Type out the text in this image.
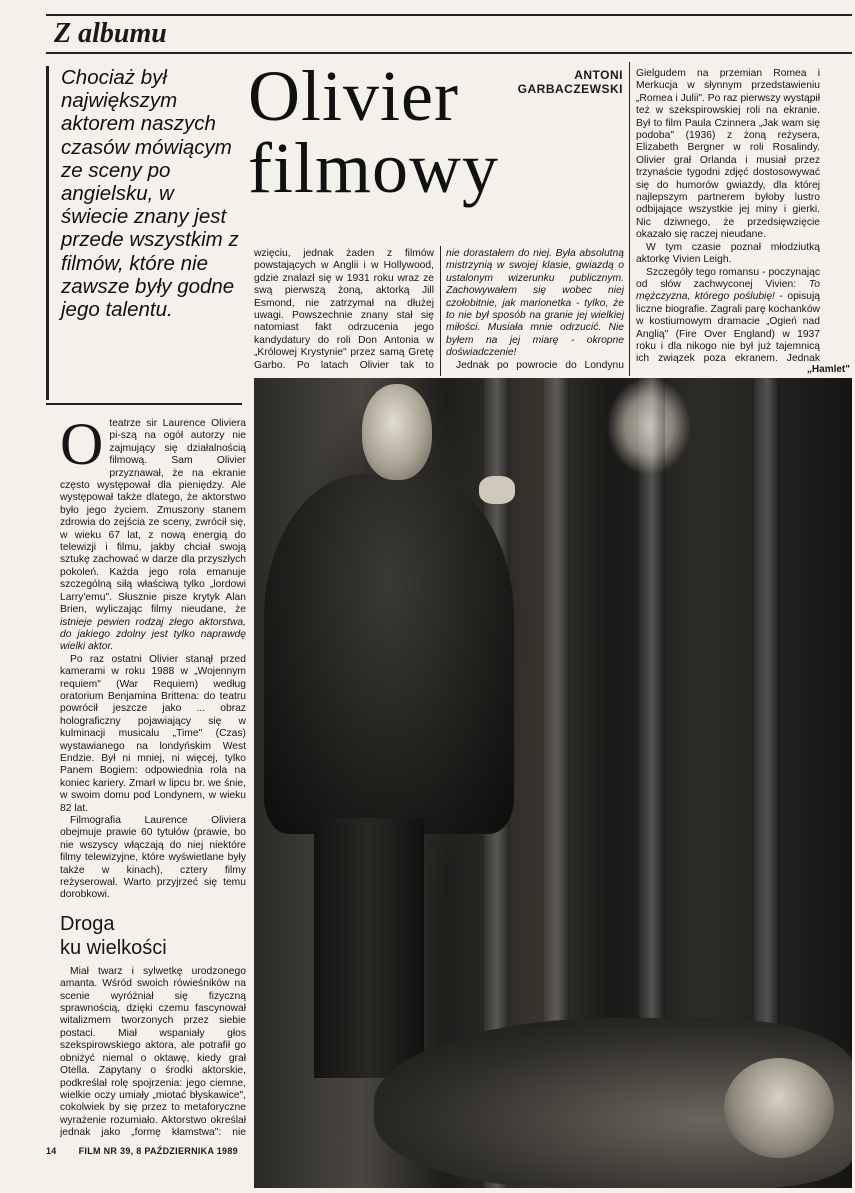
Z albumu
Chociaż był największym aktorem naszych czasów mówiącym ze sceny po angielsku, w świecie znany jest przede wszystkim z filmów, które nie zawsze były godne jego talentu.
Olivier
filmowy
ANTONI
GARBACZEWSKI

Oteatrze sir Laurence Oliviera pi-szą na ogół autorzy nie zajmujący się działalnością filmową. Sam Olivier przyznawał, że na ekranie często występował dla pieniędzy. Ale występował także dlatego, że aktorstwo było jego życiem. Zmuszony stanem zdrowia do zejścia ze sceny, zwrócił się, w wieku 67 lat, z nową energią do telewizji i filmu, jakby chciał swoją sztukę zachować w darze dla przyszłych pokoleń. Każda jego rola emanuje szczególną siłą właściwą tylko „lordowi Larry'emu". Słusznie pisze krytyk Alan Brien, wyliczając filmy nieudane, że istnieje pewien rodzaj złego aktorstwa, do jakiego zdolny jest tylko naprawdę wielki aktor.

Po raz ostatni Olivier stanął przed kamerami w roku 1988 w „Wojennym requiem" (War Requiem) według oratorium Benjamina Brittena: do teatru powrócił jeszcze jako ... obraz holograficzny pojawiający się w kulminacji musicalu „Time" (Czas) wystawianego na londyńskim West Endzie. Był ni mniej, ni więcej, tylko Panem Bogiem: odpowiednia rola na koniec kariery. Zmarł w lipcu br. we śnie, w swoim domu pod Londynem, w wieku 82 lat.

Filmografia Laurence Oliviera obejmuje prawie 60 tytułów (prawie, bo nie wszyscy włączają do niej niektóre filmy telewizyjne, które wyświetlane były także w kinach), cztery filmy reżyserował. Warto przyjrzeć się temu dorobkowi.

Droga
ku wielkości

Miał twarz i sylwetkę urodzonego amanta. Wśród swoich rówieśników na scenie wyróżniał się fizyczną sprawnością, dzięki czemu fascynował witalizmem tworzonych przez siebie postaci. Miał wspaniały głos szekspirowskiego aktora, ale potrafił go obniżyć niemal o oktawę, kiedy grał Otella. Zapytany o środki aktorskie, podkreślał rolę spojrzenia: jego ciemne, wielkie oczy umiały „miotać błyskawice", cokolwiek by się przez to metaforyczne wyrażenie rozumiało. Aktorstwo określał jednak jako „formę kłamstwa": nie

wzięciu, jednak żaden z filmów powstających w Anglii i w Hollywood, gdzie znalazł się w 1931 roku wraz ze swą pierwszą żoną, aktorką Jill Esmond, nie zatrzymał na dłużej uwagi. Powszechnie znany stał się natomiast fakt odrzucenia jego kandydatury do roli Don Antonia w „Królowej Krystynie" przez samą Gretę Garbo. Po latach Olivier tak to

nie dorastałem do niej. Była absolutną mistrzynią w swojej klasie, gwiazdą o ustalonym wizerunku publicznym. Zachowywałem się wobec niej czołobitnie, jak marionetka - tylko, że to nie był sposób na granie jej wielkiej miłości. Musiała mnie odrzucić. Nie byłem na jej miarę - okropne doświadczenie!

Jednak po powrocie do Londynu

Gielgudem na przemian Romea i Merkucja w słynnym przedstawieniu „Romea i Julii". Po raz pierwszy wystąpił też w szekspirowskiej roli na ekranie. Był to film Paula Czinnera „Jak wam się podoba" (1936) z żoną reżysera, Elizabeth Bergner w roli Rosalindy. Olivier grał Orlanda i musiał przez trzynaście tygodni zdjęć dostosowywać się do humorów gwiazdy, dla której najlepszym partnerem byłoby lustro odbijające wszystkie jej miny i gierki. Nic dziwnego, że przedsięwzięcie okazało się raczej nieudane.

W tym czasie poznał młodziutką aktorkę Vivien Leigh.

Szczegóły tego romansu - poczynając od słów zachwyconej Vivien: To mężczyzna, którego poślubię! - opisują liczne biografie. Zagrali parę kochanków w kostiumowym dramacie „Ogień nad Anglią" (Fire Over England) w 1937 roku i dla nikogo nie był już tajemnicą ich związek poza ekranem. Jednak

„Hamlet"
14 FILM NR 39, 8 PAŹDZIERNIKA 1989
